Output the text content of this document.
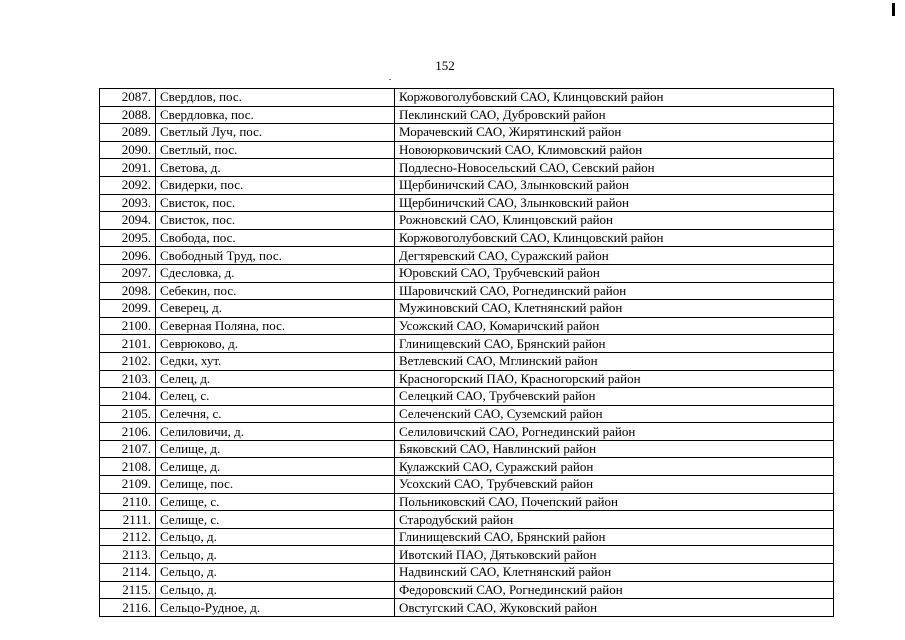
152
2087.	Свердлов, пос.	Коржовоголубовский САО, Клинцовский район
2088.	Свердловка, пос.	Пеклинский САО, Дубровский район
2089.	Светлый Луч, пос.	Морачевский САО, Жирятинский район
2090.	Светлый, пос.	Новоюрковичский САО, Климовский район
2091.	Светова, д.	Подлесно-Новосельский САО, Севский район
2092.	Свидерки, пос.	Щербиничский САО, Злынковский район
2093.	Свисток, пос.	Щербиничский САО, Злынковский район
2094.	Свисток, пос.	Рожновский САО, Клинцовский район
2095.	Свобода, пос.	Коржовоголубовский САО, Клинцовский район
2096.	Свободный Труд, пос.	Дегтяревский САО, Суражский район
2097.	Сдесловка, д.	Юровский САО, Трубчевский район
2098.	Себекин, пос.	Шаровичский САО, Рогнединский район
2099.	Северец, д.	Мужиновский САО, Клетнянский район
2100.	Северная Поляна, пос.	Усожский САО, Комаричский район
2101.	Севрюково, д.	Глинищевский САО, Брянский район
2102.	Седки, хут.	Ветлевский САО, Мглинский район
2103.	Селец, д.	Красногорский ПАО, Красногорский район
2104.	Селец, с.	Селецкий САО, Трубчевский район
2105.	Селечня, с.	Селеченский САО, Суземский район
2106.	Селиловичи, д.	Селиловичский САО, Рогнединский район
2107.	Селище, д.	Бяковский САО, Навлинский район
2108.	Селище, д.	Кулажский САО, Суражский район
2109.	Селище, пос.	Усохский САО, Трубчевский район
2110.	Селище, с.	Польниковский САО, Почепский район
2111.	Селище, с.	Стародубский район
2112.	Сельцо, д.	Глинищевский САО, Брянский район
2113.	Сельцо, д.	Ивотский ПАО, Дятьковский район
2114.	Сельцо, д.	Надвинский САО, Клетнянский район
2115.	Сельцо, д.	Федоровский САО, Рогнединский район
2116.	Сельцо-Рудное, д.	Овстугский САО, Жуковский район
